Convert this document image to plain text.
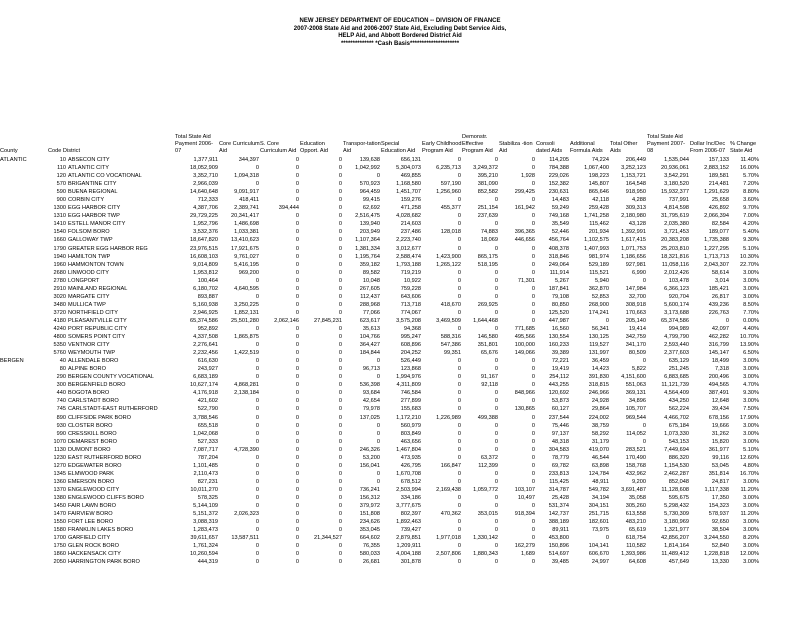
NEW JERSEY DEPARTMENT OF EDUCATION -- DIVISION OF FINANCE
2007-2008 State Aid and 2006-2007 State Aid, Excluding Debt Service Aids,
HELP Aid, and Abbott Bordered District Aid
************** *Cash Basis*********************
County	Code District		Total State Aid Payment 2006-07	Core Curriculum Aid	S. Core Curriculum Aid	Education Opport. Aid	Transpor-tation Aid	Special Education Aid	Early Childhood Program Aid	Demonstr. Effective Program Aid	Stabiliza -tion Aid	Consoli dated Aids	Additional Formula Aids	Total Other Aids	Total State Aid Payment 2007-08	Dollar Inc/Dec From 2006-07	% Change State Aid
ATLANTIC	10	ABSECON CITY	1,377,911	344,397	0	0	139,638	656,131	0	0	0	114,205	74,224	206,449	1,535,044	157,133	11.40%
	110	ATLANTIC CITY	18,052,909	0	0	0	1,042,992	5,304,073	6,235,713	3,249,372	0	784,388	1,067,400	3,252,123	20,936,061	2,883,152	16.00%
	120	ATLANTIC CO VOCATIONAL	3,352,710	1,094,318	0	0	0	469,855	0	395,210	1,928	229,026	198,223	1,153,721	3,542,291	189,581	5.70%
	570	BRIGANTINE CITY	2,966,039	0	0	0	570,923	1,168,580	597,190	381,090	0	152,382	145,807	164,548	3,180,520	214,481	7.20%
	590	BUENA REGIONAL	14,640,648	9,091,917	0	0	964,459	1,451,707	1,256,960	852,582	299,425	230,631	865,646	918,950	15,932,377	1,291,629	8.80%
	900	CORBIN CITY	712,333	418,411	0	0	99,415	159,276	0	0	0	14,483	42,118	4,288	737,991	25,658	3.60%
	1300	EGG HARBOR CITY	4,387,706	2,389,741	394,444	0	62,692	471,258	455,377	251,154	161,942	59,249	259,428	309,313	4,814,598	426,892	9.70%
	1310	EGG HARBOR TWP	29,729,225	20,341,417	0	0	2,516,475	4,028,682	0	237,639	0	749,168	1,741,258	2,180,980	31,795,619	2,066,394	7.00%
	1410	ESTELL MANOR CITY	1,952,796	1,486,698	0	0	139,940	214,603	0	0	0	35,549	115,462	43,128	2,035,380	82,584	4.20%
	1540	FOLSOM BORO	3,532,376	1,033,381	0	0	203,949	237,486	128,018	74,883	396,365	52,446	201,934	1,392,991	3,721,453	189,077	5.40%
	1660	GALLOWAY TWP	18,647,820	13,410,623	0	0	1,107,364	2,223,740	0	18,069	446,656	456,764	1,102,575	1,617,415	20,383,208	1,735,388	9.30%
	1790	GREATER EGG HARBOR REG	23,976,515	17,921,675	0	0	1,381,334	3,012,677	0	0	0	408,378	1,407,993	1,071,753	25,203,810	1,227,295	5.10%
	1940	HAMILTON TWP	16,608,103	9,761,027	0	0	1,195,764	2,588,474	1,423,900	865,175	0	318,846	981,974	1,186,656	18,321,816	1,713,713	10.30%
	1960	HAMMONTON TOWN	9,014,809	5,416,195	0	0	359,182	1,793,188	1,265,122	518,195	0	249,064	529,189	927,981	11,058,116	2,043,307	22.70%
	2680	LINWOOD CITY	1,953,812	969,200	0	0	89,582	719,219	0	0	0	111,914	115,521	6,990	2,012,426	58,614	3.00%
	2780	LONGPORT	100,464	0	0	0	10,048	10,922	0	0	71,301	5,267	5,940	0	103,478	3,014	3.00%
	2910	MAINLAND REGIONAL	6,180,702	4,640,595	0	0	267,605	759,228	0	0	0	187,841	362,870	147,984	6,366,123	185,421	3.00%
	3020	MARGATE CITY	893,887	0	0	0	112,437	643,606	0	0	0	79,108	52,853	32,700	920,704	26,817	3.00%
	3480	MULLICA TWP	5,160,938	3,250,225	0	0	288,968	713,718	418,670	269,925	0	80,850	268,900	308,918	5,600,174	439,236	8.50%
	3720	NORTHFIELD CITY	2,946,925	1,852,131	0	0	77,066	774,067	0	0	0	125,520	174,241	170,663	3,173,688	226,763	7.70%
	4180	PLEASANTVILLE CITY	65,374,586	25,501,280	2,062,146	27,845,231	623,617	3,575,208	3,469,509	1,644,468	0	447,987	0	205,140	65,374,586	0	0.00%
	4240	PORT REPUBLIC CITY	952,892	0	0	0	35,613	94,368	0	0	771,685	16,560	56,341	19,414	994,989	42,097	4.40%
	4800	SOMERS POINT CITY	4,337,508	1,865,875	0	0	104,766	995,247	588,316	146,580	495,566	130,554	130,125	342,759	4,799,790	462,282	10.70%
	5350	VENTNOR CITY	2,276,641	0	0	0	364,427	608,896	547,386	351,801	100,000	160,233	119,527	341,170	2,593,440	316,799	13.90%
	5760	WEYMOUTH TWP	2,232,456	1,422,519	0	0	184,844	204,252	99,351	65,676	149,066	39,389	131,997	80,509	2,377,603	145,147	6.50%
BERGEN	40	ALLENDALE BORO	616,630	0	0	0	0	526,449	0	0	0	72,221	36,459	0	635,129	18,499	3.00%
	80	ALPINE BORO	243,927	0	0	0	96,713	123,868	0	0	0	19,419	14,423	5,822	251,245	7,318	3.00%
	290	BERGEN COUNTY VOCATIONAL	6,683,189	0	0	0	0	1,994,976	0	91,167	0	254,112	391,830	4,151,600	6,883,685	200,496	3.00%
	300	BERGENFIELD BORO	10,627,174	4,868,281	0	0	536,398	4,311,809	0	92,118	0	443,255	318,815	551,063	11,121,739	494,565	4.70%
	440	BOGOTA BORO	4,176,918	2,138,184	0	0	93,684	746,584	0	0	848,966	120,692	246,966	369,131	4,564,409	387,491	9.30%
	740	CARLSTADT BORO	421,602	0	0	0	42,654	277,899	0	0	0	53,873	24,928	34,896	434,250	12,648	3.00%
	745	CARLSTADT-EAST RUTHERFORD	522,790	0	0	0	79,978	155,683	0	0	130,865	60,127	29,864	105,707	562,224	39,434	7.50%
	890	CLIFFSIDE PARK BORO	3,788,546	0	0	0	137,025	1,172,210	1,226,989	499,388	0	237,544	224,002	969,544	4,466,702	678,156	17.90%
	930	CLOSTER BORO	655,518	0	0	0	0	560,979	0	0	0	75,446	38,759	0	675,184	19,666	3.00%
	990	CRESSKILL BORO	1,042,068	0	0	0	0	803,849	0	0	0	97,137	58,292	114,052	1,073,330	31,262	3.00%
	1070	DEMAREST BORO	527,333	0	0	0	0	463,656	0	0	0	48,318	31,179	0	543,153	15,820	3.00%
	1130	DUMONT BORO	7,087,717	4,728,390	0	0	246,326	1,467,804	0	0	0	304,583	419,070	283,521	7,449,694	361,977	5.10%
	1230	EAST RUTHERFORD BORO	787,204	0	0	0	53,200	473,935	0	63,372	0	78,779	46,544	170,490	886,320	99,116	12.60%
	1270	EDGEWATER BORO	1,101,485	0	0	0	156,041	426,795	166,847	112,399	0	69,782	63,898	158,768	1,154,530	53,045	4.80%
	1345	ELMWOOD PARK	2,110,473	0	0	0	0	1,670,708	0	0	0	233,813	124,784	432,962	2,462,287	351,814	16.70%
	1360	EMERSON BORO	827,231	0	0	0	0	678,512	0	0	0	115,425	48,911	9,200	852,048	24,817	3.00%
	1370	ENGLEWOOD CITY	10,011,270	0	0	0	736,241	2,503,994	2,169,438	1,059,772	103,107	314,787	549,782	3,691,487	11,128,608	1,117,338	11.20%
	1380	ENGLEWOOD CLIFFS BORO	578,325	0	0	0	156,312	334,186	0	0	10,497	25,428	34,194	35,058	595,675	17,350	3.00%
	1450	FAIR LAWN BORO	5,144,109	0	0	0	379,972	3,777,675	0	0	0	531,374	304,151	305,260	5,298,432	154,323	3.00%
	1470	FAIRVIEW BORO	5,151,372	2,026,323	0	0	151,808	802,397	470,362	353,015	918,394	142,737	251,715	613,558	5,730,309	578,937	11.20%
	1550	FORT LEE BORO	3,088,319	0	0	0	234,626	1,892,463	0	0	0	388,189	182,601	483,210	3,180,969	92,650	3.00%
	1580	FRANKLIN LAKES BORO	1,283,473	0	0	0	353,045	739,427	0	0	0	89,911	73,975	65,619	1,321,977	38,504	3.00%
	1700	GARFIELD CITY	39,611,657	13,587,511	0	21,344,527	664,602	2,879,851	1,977,018	1,330,142	0	453,800	0	618,754	42,856,207	3,244,550	8.20%
	1750	GLEN ROCK BORO	1,761,324	0	0	0	76,355	1,209,911	0	0	162,279	150,896	104,141	110,582	1,814,164	52,840	3.00%
	1860	HACKENSACK CITY	10,260,594	0	0	0	580,033	4,004,188	2,507,806	1,880,343	1,689	514,697	606,670	1,393,986	11,489,412	1,228,818	12.00%
	2050	HARRINGTON PARK BORO	444,319	0	0	0	26,681	301,878	0	0	0	39,485	24,997	64,608	457,649	13,330	3.00%
